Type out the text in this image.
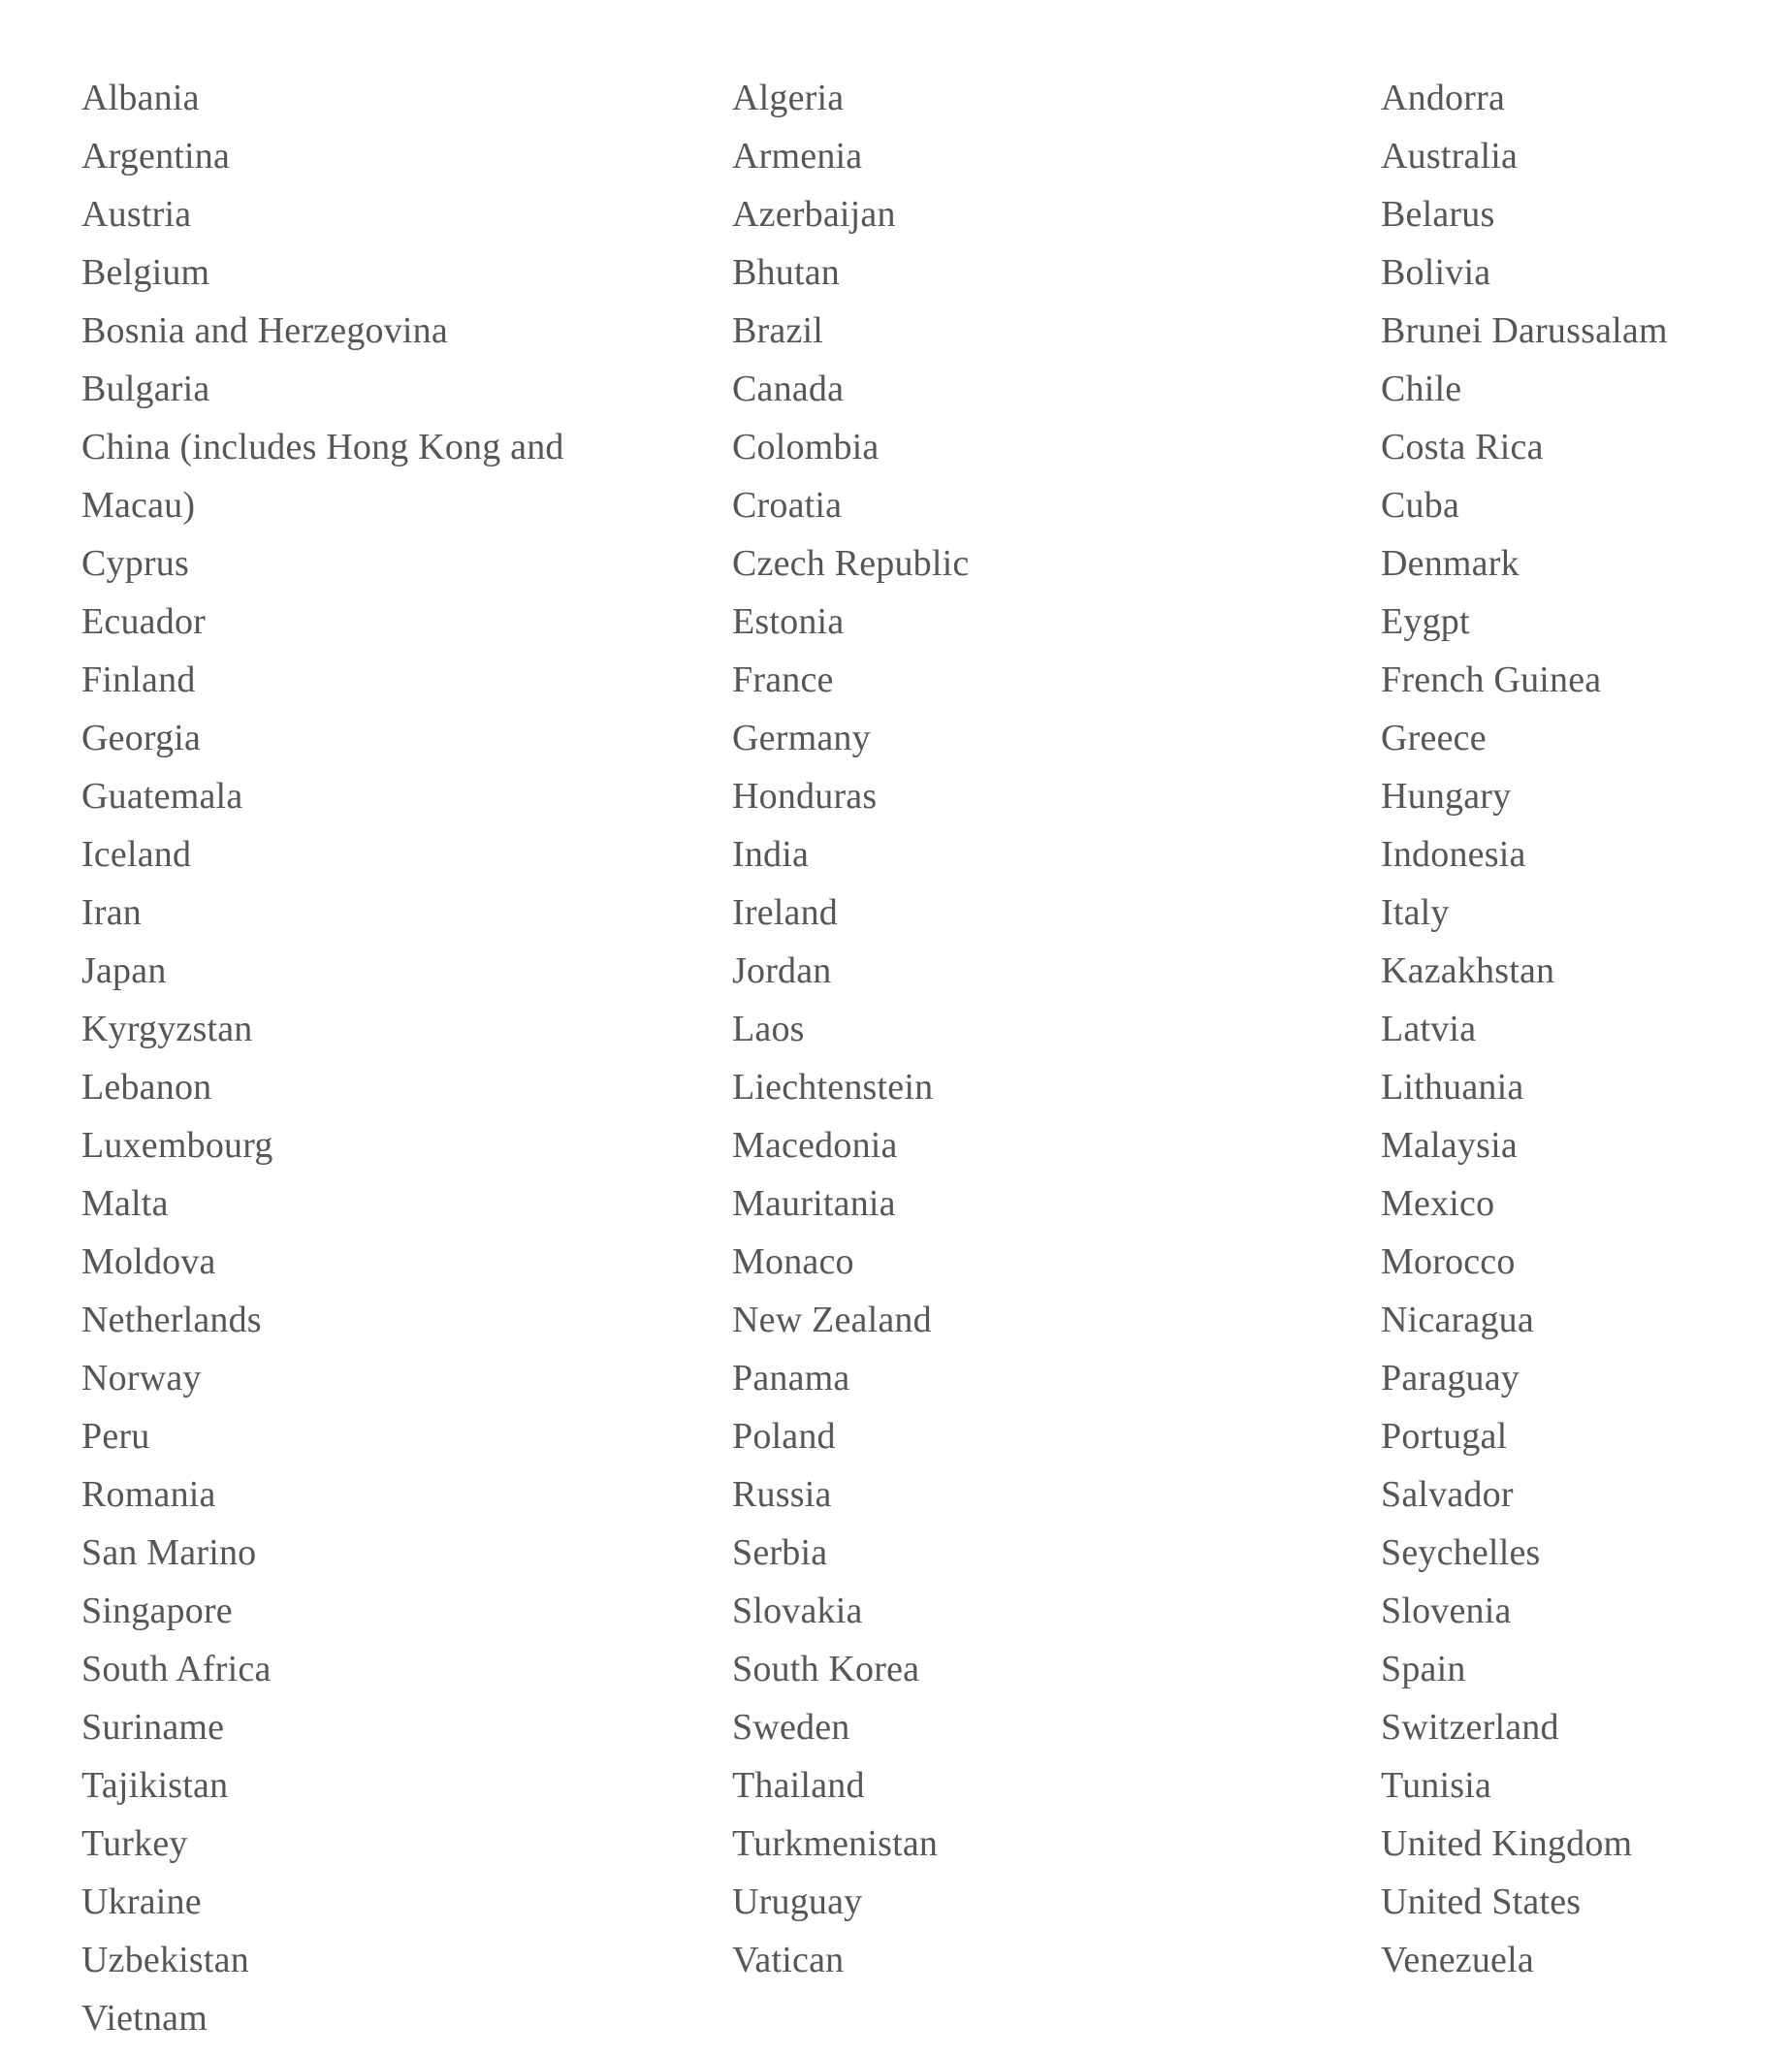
Albania
Argentina
Austria
Belgium
Bosnia and Herzegovina
Bulgaria
China (includes Hong Kong and
Macau)
Cyprus
Ecuador
Finland
Georgia
Guatemala
Iceland
Iran
Japan
Kyrgyzstan
Lebanon
Luxembourg
Malta
Moldova
Netherlands
Norway
Peru
Romania
San Marino
Singapore
South Africa
Suriname
Tajikistan
Turkey
Ukraine
Uzbekistan
Vietnam
Algeria
Armenia
Azerbaijan
Bhutan
Brazil
Canada
Colombia
Croatia
Czech Republic
Estonia
France
Germany
Honduras
India
Ireland
Jordan
Laos
Liechtenstein
Macedonia
Mauritania
Monaco
New Zealand
Panama
Poland
Russia
Serbia
Slovakia
South Korea
Sweden
Thailand
Turkmenistan
Uruguay
Vatican
Andorra
Australia
Belarus
Bolivia
Brunei Darussalam
Chile
Costa Rica
Cuba
Denmark
Eygpt
French Guinea
Greece
Hungary
Indonesia
Italy
Kazakhstan
Latvia
Lithuania
Malaysia
Mexico
Morocco
Nicaragua
Paraguay
Portugal
Salvador
Seychelles
Slovenia
Spain
Switzerland
Tunisia
United Kingdom
United States
Venezuela
